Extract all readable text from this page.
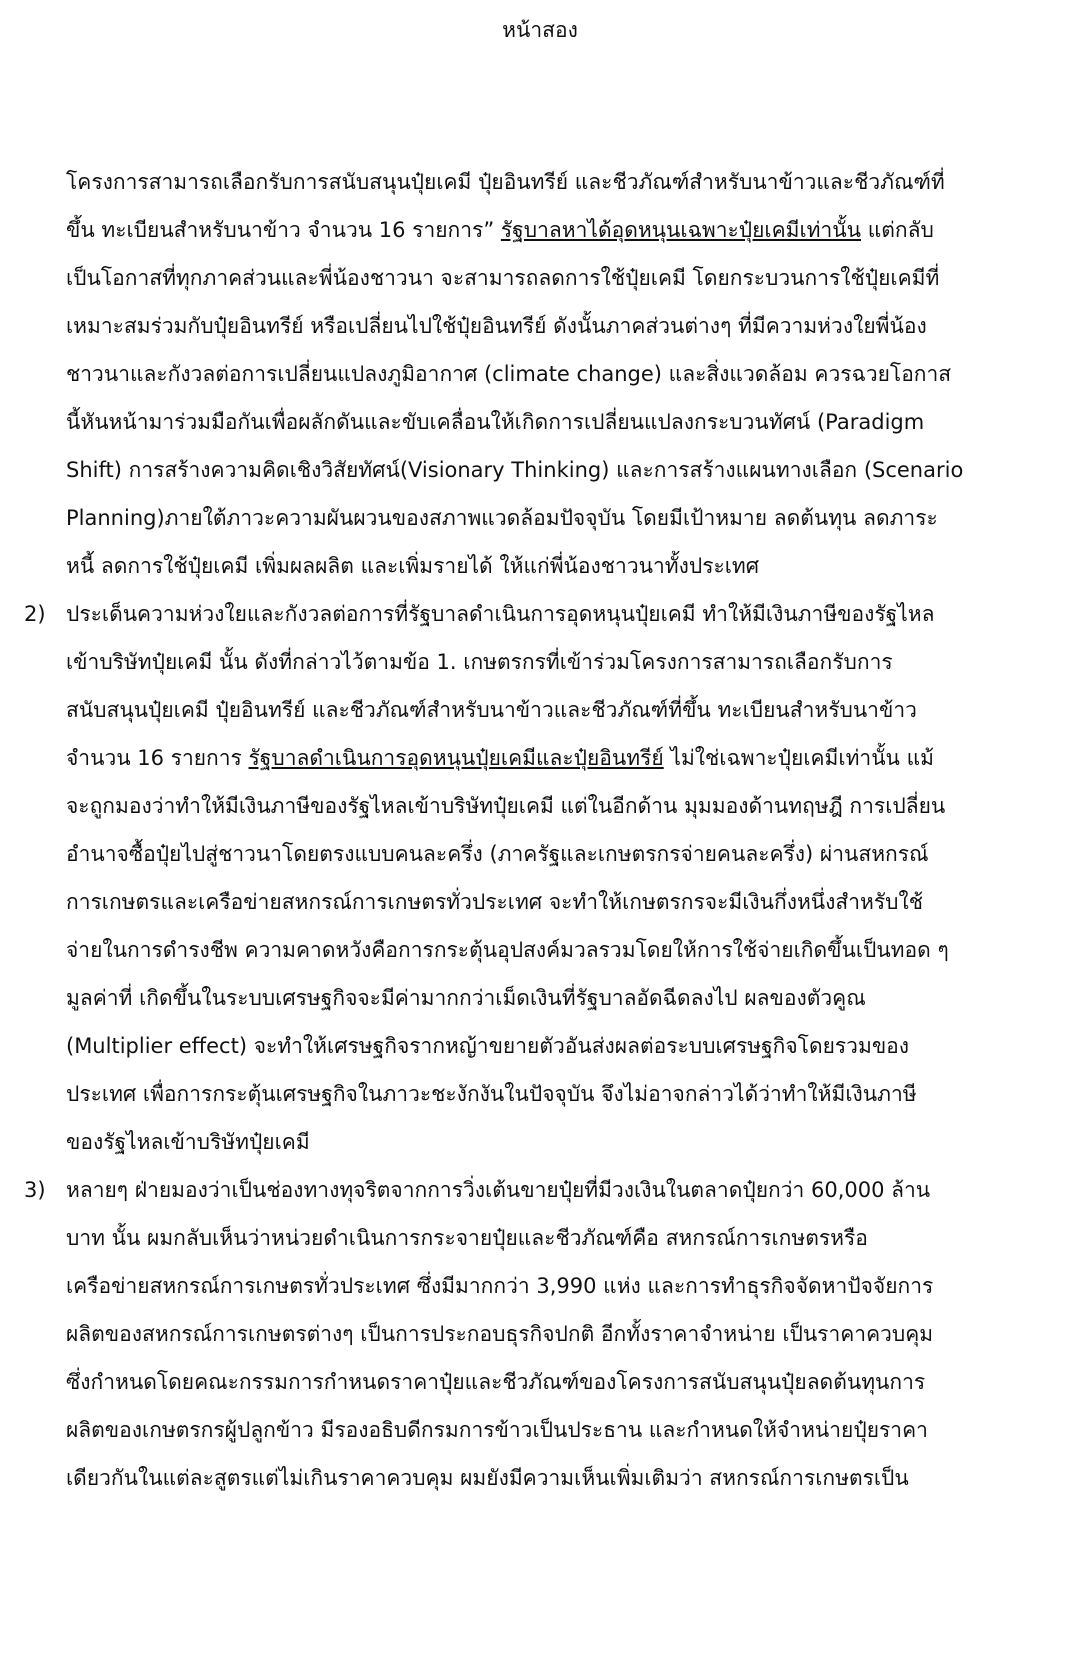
หน้าสอง
โครงการสามารถเลือกรับการสนับสนุนปุ๋ยเคมี ปุ๋ยอินทรีย์ และชีวภัณฑ์สำหรับนาข้าวและชีวภัณฑ์ที่
ขึ้น ทะเบียนสำหรับนาข้าว จำนวน 16 รายการ” รัฐบาลหาได้อุดหนุนเฉพาะปุ๋ยเคมีเท่านั้น แต่กลับ
เป็นโอกาสที่ทุกภาคส่วนและพี่น้องชาวนา จะสามารถลดการใช้ปุ๋ยเคมี โดยกระบวนการใช้ปุ๋ยเคมีที่
เหมาะสมร่วมกับปุ๋ยอินทรีย์ หรือเปลี่ยนไปใช้ปุ๋ยอินทรีย์ ดังนั้นภาคส่วนต่างๆ ที่มีความห่วงใยพี่น้อง
ชาวนาและกังวลต่อการเปลี่ยนแปลงภูมิอากาศ (climate change) และสิ่งแวดล้อม ควรฉวยโอกาส
นี้หันหน้ามาร่วมมือกันเพื่อผลักดันและขับเคลื่อนให้เกิดการเปลี่ยนแปลงกระบวนทัศน์ (Paradigm
Shift) การสร้างความคิดเชิงวิสัยทัศน์(Visionary Thinking) และการสร้างแผนทางเลือก (Scenario
Planning)ภายใต้ภาวะความผันผวนของสภาพแวดล้อมปัจจุบัน โดยมีเป้าหมาย ลดต้นทุน ลดภาระ
หนี้ ลดการใช้ปุ๋ยเคมี เพิ่มผลผลิต และเพิ่มรายได้ ให้แก่พี่น้องชาวนาทั้งประเทศ
2) ประเด็นความห่วงใยและกังวลต่อการที่รัฐบาลดำเนินการอุดหนุนปุ๋ยเคมี ทำให้มีเงินภาษีของรัฐไหล
เข้าบริษัทปุ๋ยเคมี นั้น ดังที่กล่าวไว้ตามข้อ 1. เกษตรกรที่เข้าร่วมโครงการสามารถเลือกรับการ
สนับสนุนปุ๋ยเคมี ปุ๋ยอินทรีย์ และชีวภัณฑ์สำหรับนาข้าวและชีวภัณฑ์ที่ขึ้น ทะเบียนสำหรับนาข้าว
จำนวน 16 รายการ รัฐบาลดำเนินการอุดหนุนปุ๋ยเคมีและปุ๋ยอินทรีย์ ไม่ใช่เฉพาะปุ๋ยเคมีเท่านั้น แม้
จะถูกมองว่าทำให้มีเงินภาษีของรัฐไหลเข้าบริษัทปุ๋ยเคมี แต่ในอีกด้าน มุมมองด้านทฤษฎี การเปลี่ยน
อำนาจซื้อปุ๋ยไปสู่ชาวนาโดยตรงแบบคนละครึ่ง (ภาครัฐและเกษตรกรจ่ายคนละครึ่ง) ผ่านสหกรณ์
การเกษตรและเครือข่ายสหกรณ์การเกษตรทั่วประเทศ จะทำให้เกษตรกรจะมีเงินกึ่งหนึ่งสำหรับใช้
จ่ายในการดำรงชีพ ความคาดหวังคือการกระตุ้นอุปสงค์มวลรวมโดยให้การใช้จ่ายเกิดขึ้นเป็นทอด ๆ
มูลค่าที่ เกิดขึ้นในระบบเศรษฐกิจจะมีค่ามากกว่าเม็ดเงินที่รัฐบาลอัดฉีดลงไป ผลของตัวคูณ
(Multiplier effect) จะทำให้เศรษฐกิจรากหญ้าขยายตัวอันส่งผลต่อระบบเศรษฐกิจโดยรวมของ
ประเทศ เพื่อการกระตุ้นเศรษฐกิจในภาวะชะงักงันในปัจจุบัน จึงไม่อาจกล่าวได้ว่าทำให้มีเงินภาษี
ของรัฐไหลเข้าบริษัทปุ๋ยเคมี
3) หลายๆ ฝ่ายมองว่าเป็นช่องทางทุจริตจากการวิ่งเต้นขายปุ๋ยที่มีวงเงินในตลาดปุ๋ยกว่า 60,000 ล้าน
บาท นั้น ผมกลับเห็นว่าหน่วยดำเนินการกระจายปุ๋ยและชีวภัณฑ์คือ สหกรณ์การเกษตรหรือ
เครือข่ายสหกรณ์การเกษตรทั่วประเทศ ซึ่งมีมากกว่า 3,990 แห่ง และการทำธุรกิจจัดหาปัจจัยการ
ผลิตของสหกรณ์การเกษตรต่างๆ เป็นการประกอบธุรกิจปกติ อีกทั้งราคาจำหน่าย เป็นราคาควบคุม
ซึ่งกำหนดโดยคณะกรรมการกำหนดราคาปุ๋ยและชีวภัณฑ์ของโครงการสนับสนุนปุ๋ยลดต้นทุนการ
ผลิตของเกษตรกรผู้ปลูกข้าว มีรองอธิบดีกรมการข้าวเป็นประธาน และกำหนดให้จำหน่ายปุ๋ยราคา
เดียวกันในแต่ละสูตรแต่ไม่เกินราคาควบคุม ผมยังมีความเห็นเพิ่มเติมว่า สหกรณ์การเกษตรเป็น
